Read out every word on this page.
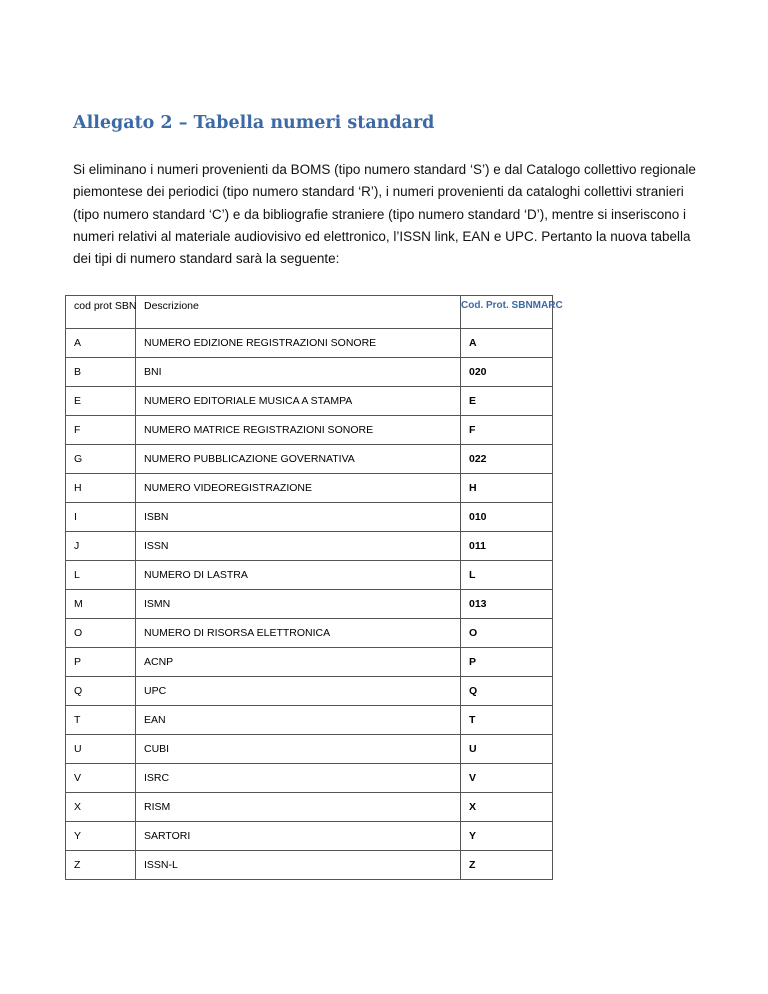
Allegato 2 – Tabella numeri standard

Si eliminano i numeri provenienti da BOMS (tipo numero standard ‘S’) e dal Catalogo collettivo regionale piemontese dei periodici (tipo numero standard ‘R’), i numeri provenienti da cataloghi collettivi stranieri (tipo numero standard ‘C’) e da bibliografie straniere (tipo numero standard ‘D’), mentre si inseriscono i numeri relativi al materiale audiovisivo ed elettronico, l’ISSN link, EAN e UPC. Pertanto la nuova tabella dei tipi di numero standard sarà la seguente:

cod prot SBN	Descrizione	Cod. Prot. SBNMARC
A	NUMERO EDIZIONE REGISTRAZIONI SONORE	A
B	BNI	020
E	NUMERO EDITORIALE MUSICA A STAMPA	E
F	NUMERO MATRICE REGISTRAZIONI SONORE	F
G	NUMERO PUBBLICAZIONE GOVERNATIVA	022
H	NUMERO VIDEOREGISTRAZIONE	H
I	ISBN	010
J	ISSN	011
L	NUMERO DI LASTRA	L
M	ISMN	013
O	NUMERO DI RISORSA ELETTRONICA	O
P	ACNP	P
Q	UPC	Q
T	EAN	T
U	CUBI	U
V	ISRC	V
X	RISM	X
Y	SARTORI	Y
Z	ISSN-L	Z
